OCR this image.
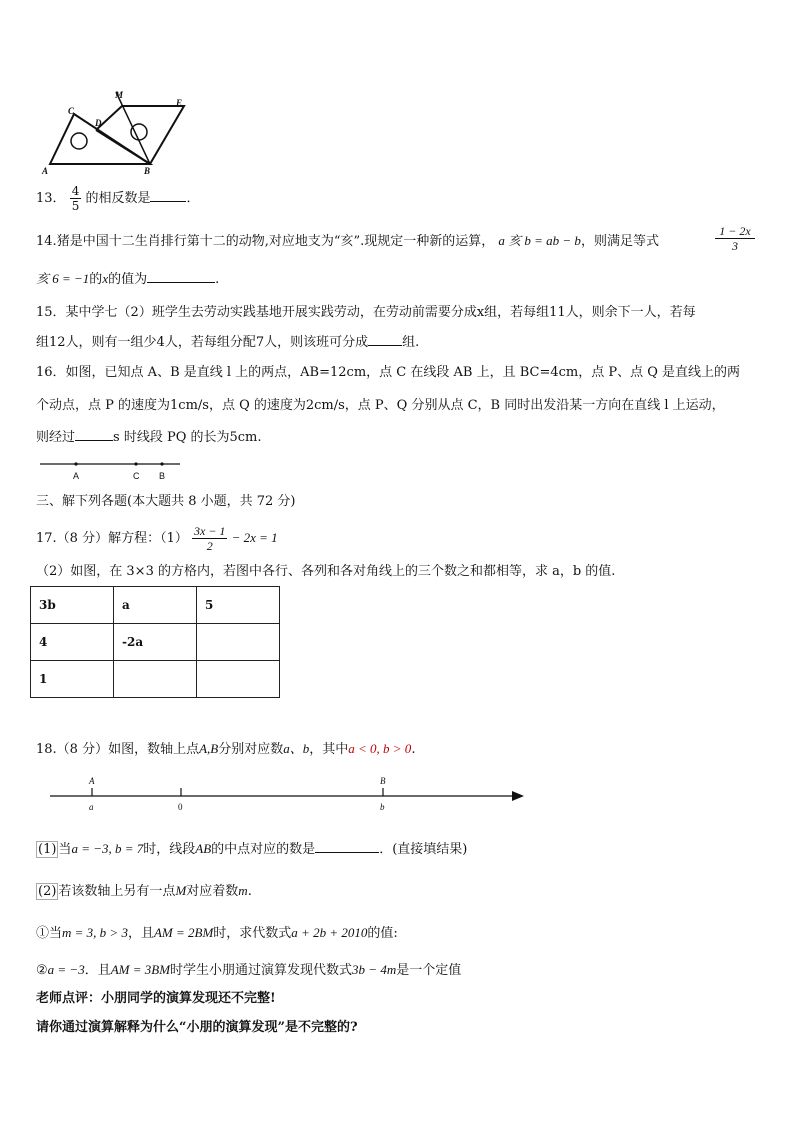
M
C
D
E
A	B
13． $\frac{4}{5}$ 的相反数是	．
14.猪是中国十二生肖排行第十二的动物,对应地支为“亥”.现规定一种新的运算， a 亥 b = ab − b，则满足等式	$\frac{1 - 2x}{3}$
亥 6 = −1的x的值为	.
15．某中学七（2）班学生去劳动实践基地开展实践劳动，在劳动前需要分成x组，若每组11人，则余下一人，若每
组12人，则有一组少4人，若每组分配7人，则该班可分成	组.
16．如图，已知点 A、B 是直线 l 上的两点，AB=12cm，点 C 在线段 AB 上，且 BC=4cm，点 P、点 Q 是直线上的两
个动点，点 P 的速度为1cm/s，点 Q 的速度为2cm/s，点 P、Q 分别从点 C，B 同时出发沿某一方向在直线 l 上运动，
则经过	s 时线段 PQ 的长为5cm.
A	C B
三、解下列各题(本大题共 8 小题，共 72 分)
17.（8 分）解方程：$(1) \frac{3x - 1}{2} - 2x = 1$
（2）如图，在 3×3 的方格内，若图中各行、各列和各对角线上的三个数之和都相等，求 a，b 的值.
3b	a	5
4	-2a	
1		
18.（8 分）如图，数轴上点A,B分别对应数a、b，其中a < 0, b > 0.
A	B
a	0	b
(1) 当a = −3, b = 7时，线段AB的中点对应的数是	．(直接填结果)
(2) 若该数轴上另有一点M对应着数m.
①当m = 3, b > 3，且AM = 2BM时，求代数式a + 2b + 2010的值:
②a = −3．且AM = 3BM时学生小朋通过演算发现代数式3b − 4m是一个定值
老师点评：小朋同学的演算发现还不完整!
请你通过演算解释为什么“小朋的演算发现”是不完整的?
